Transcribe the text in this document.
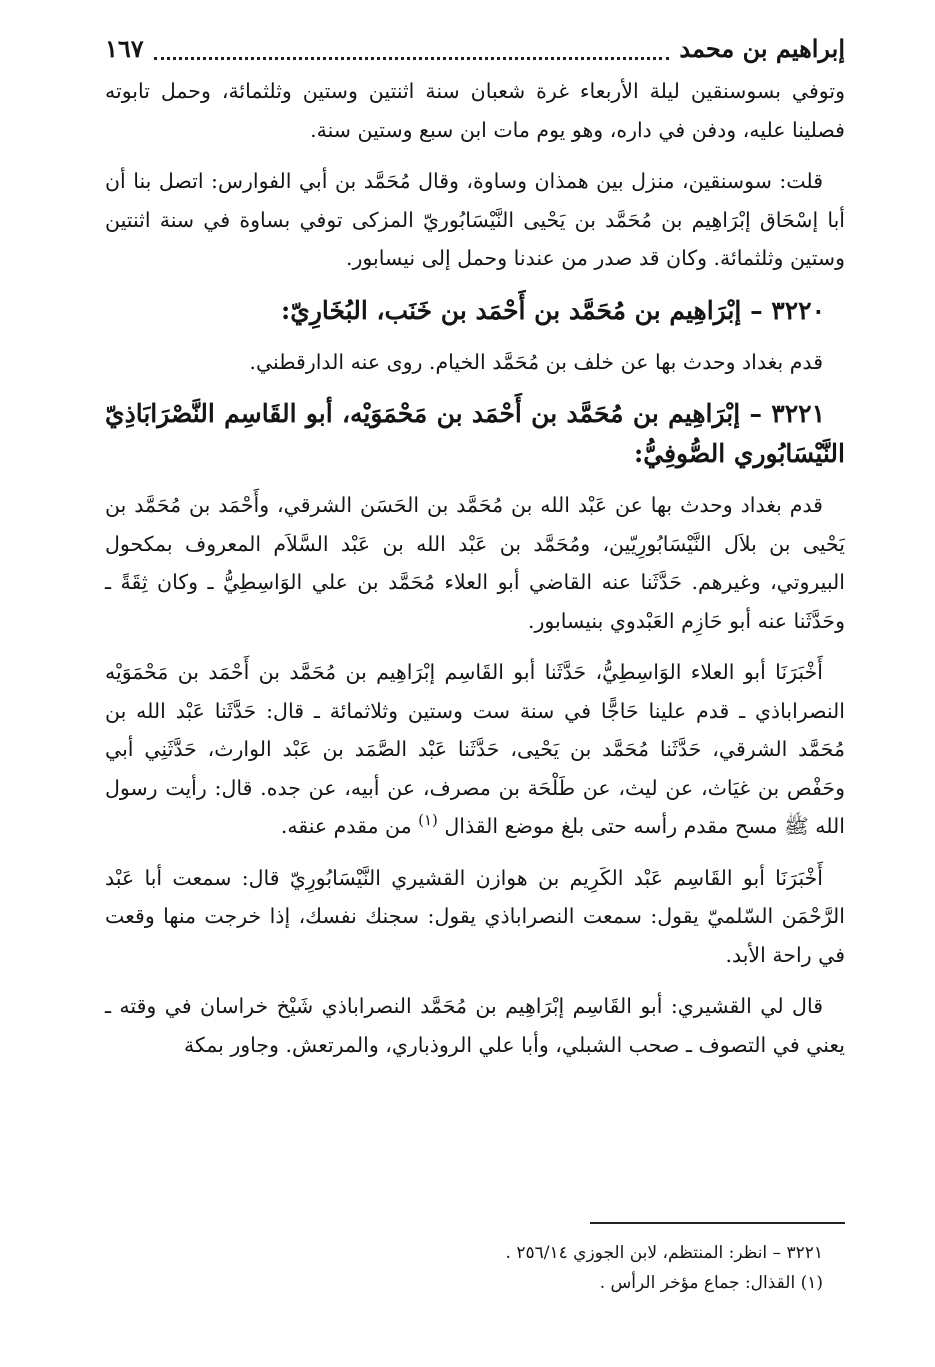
إبراهيم بن محمد
١٦٧

وتوفي بسوسنقين ليلة الأربعاء غرة شعبان سنة اثنتين وستين وثلثمائة، وحمل تابوته فصلينا عليه، ودفن في داره، وهو يوم مات ابن سبع وستين سنة.

قلت: سوسنقين، منزل بين همذان وساوة، وقال مُحَمَّد بن أبي الفوارس: اتصل بنا أن أبا إسْحَاق إبْرَاهِيم بن مُحَمَّد بن يَحْيى النَّيْسَابُوريّ المزكى توفي بساوة في سنة اثنتين وستين وثلثمائة. وكان قد صدر من عندنا وحمل إلى نيسابور.

٣٢٢٠ – إبْرَاهِيم بن مُحَمَّد بن أَحْمَد بن خَنَب، البُخَارِيّ:

قدم بغداد وحدث بها عن خلف بن مُحَمَّد الخيام. روى عنه الدارقطني.

٣٢٢١ – إبْرَاهِيم بن مُحَمَّد بن أَحْمَد بن مَحْمَوَيْه، أبو القَاسِم النَّصْرَابَاذِيّ النَّيْسَابُوري الصُّوفِيُّ:

قدم بغداد وحدث بها عن عَبْد الله بن مُحَمَّد بن الحَسَن الشرقي، وأَحْمَد بن مُحَمَّد بن يَحْيى بن بلاَل النَّيْسَابُورِيّين، ومُحَمَّد بن عَبْد الله بن عَبْد السَّلاَم المعروف بمكحول البيروتي، وغيرهم. حَدَّثَنا عنه القاضي أبو العلاء مُحَمَّد بن علي الوَاسِطِيُّ ـ وكان ثِقَةً ـ وحَدَّثَنا عنه أبو حَازِم العَبْدوي بنيسابور.

أَخْبَرَنَا أبو العلاء الوَاسِطِيُّ، حَدَّثَنا أبو القَاسِم إبْرَاهِيم بن مُحَمَّد بن أَحْمَد بن مَحْمَوَيْه النصراباذي ـ قدم علينا حَاجًّا في سنة ست وستين وثلاثمائة ـ قال: حَدَّثَنا عَبْد الله بن مُحَمَّد الشرقي، حَدَّثَنا مُحَمَّد بن يَحْيى، حَدَّثَنا عَبْد الصَّمَد بن عَبْد الوارث، حَدَّثَنِي أبي وحَفْص بن غيَاث، عن ليث، عن طَلْحَة بن مصرف، عن أبيه، عن جده. قال: رأيت رسول الله ﷺ مسح مقدم رأسه حتى بلغ موضع القذال $^{(١)}$ من مقدم عنقه.

أَخْبَرَنَا أبو القَاسِم عَبْد الكَرِيم بن هوازن القشيري النَّيْسَابُورِيّ قال: سمعت أبا عَبْد الرَّحْمَن السّلميّ يقول: سمعت النصراباذي يقول: سجنك نفسك، إذا خرجت منها وقعت في راحة الأبد.

قال لي القشيري: أبو القَاسِم إبْرَاهِيم بن مُحَمَّد النصراباذي شَيْخ خراسان في وقته ـ يعني في التصوف ـ صحب الشبلي، وأبا علي الروذباري، والمرتعش. وجاور بمكة

٣٢٢١ – انظر: المنتظم، لابن الجوزي ٢٥٦/١٤ .
(١) القذال: جماع مؤخر الرأس .
